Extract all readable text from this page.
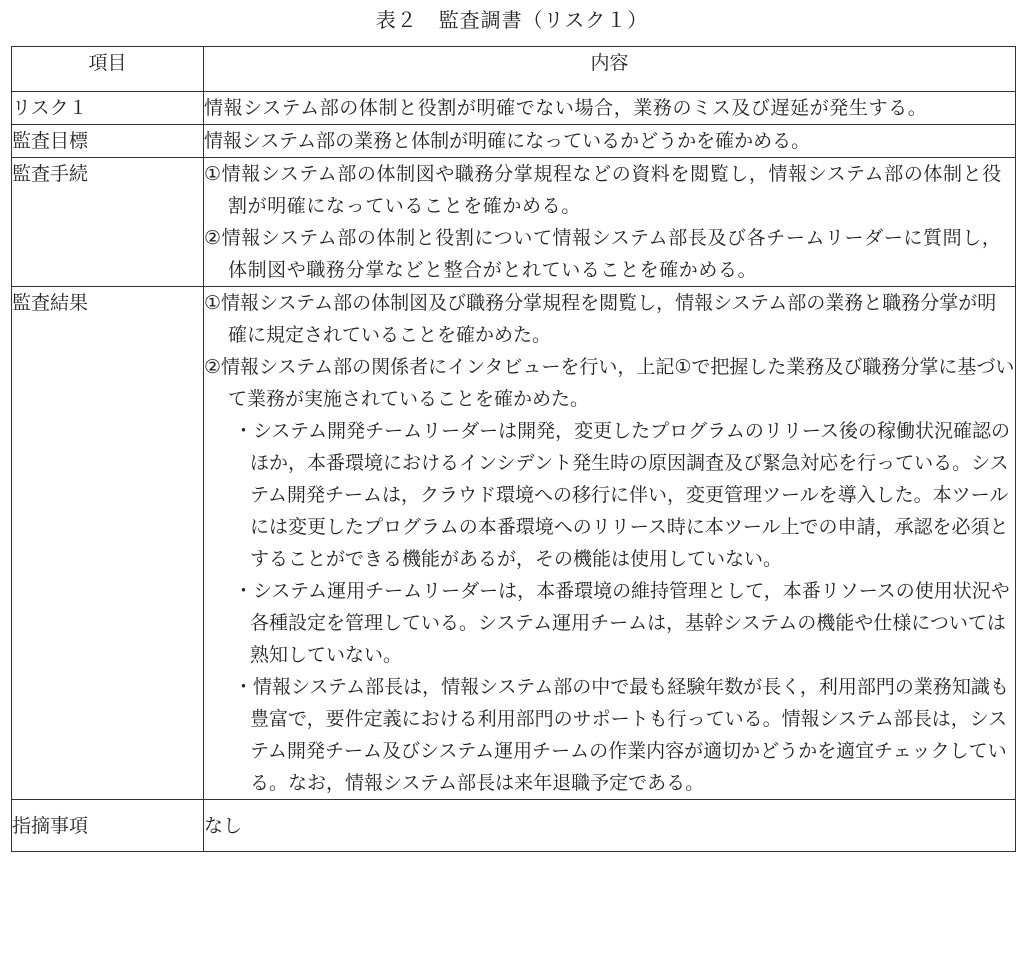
表２　監査調書（リスク１）
項目	内容
リスク１	情報システム部の体制と役割が明確でない場合，業務のミス及び遅延が発生する。
監査目標	情報システム部の業務と体制が明確になっているかどうかを確かめる。
監査手続	①情報システム部の体制図や職務分掌規程などの資料を閲覧し，情報システム部の体制と役割が明確になっていることを確かめる。
②情報システム部の体制と役割について情報システム部長及び各チームリーダーに質問し，体制図や職務分掌などと整合がとれていることを確かめる。

監査結果	①情報システム部の体制図及び職務分掌規程を閲覧し，情報システム部の業務と職務分掌が明確に規定されていることを確かめた。
②情報システム部の関係者にインタビューを行い，上記①で把握した業務及び職務分掌に基づいて業務が実施されていることを確かめた。
・システム開発チームリーダーは開発，変更したプログラムのリリース後の稼働状況確認のほか，本番環境におけるインシデント発生時の原因調査及び緊急対応を行っている。システム開発チームは，クラウド環境への移行に伴い，変更管理ツールを導入した。本ツールには変更したプログラムの本番環境へのリリース時に本ツール上での申請，承認を必須とすることができる機能があるが，その機能は使用していない。
・システム運用チームリーダーは，本番環境の維持管理として，本番リソースの使用状況や各種設定を管理している。システム運用チームは，基幹システムの機能や仕様については熟知していない。
・情報システム部長は，情報システム部の中で最も経験年数が長く，利用部門の業務知識も豊富で，要件定義における利用部門のサポートも行っている。情報システム部長は，システム開発チーム及びシステム運用チームの作業内容が適切かどうかを適宜チェックしている。なお，情報システム部長は来年退職予定である。

指摘事項	なし
